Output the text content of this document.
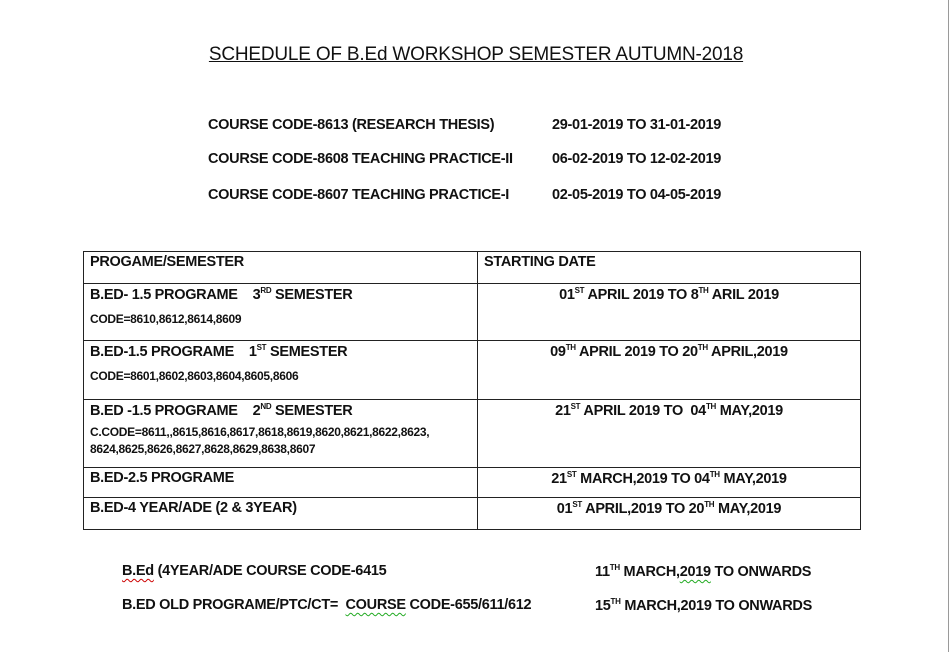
SCHEDULE OF B.Ed WORKSHOP SEMESTER AUTUMN-2018
COURSE CODE-8613 (RESEARCH THESIS)	29-01-2019 TO 31-01-2019
COURSE CODE-8608 TEACHING PRACTICE-II	06-02-2019 TO 12-02-2019
COURSE CODE-8607 TEACHING PRACTICE-I	02-05-2019 TO 04-05-2019
PROGAME/SEMESTER	STARTING DATE
B.ED- 1.5 PROGRAME    3RD SEMESTER
CODE=8610,8612,8614,8609	01ST APRIL 2019 TO 8TH ARIL 2019
B.ED-1.5 PROGRAME    1ST SEMESTER
CODE=8601,8602,8603,8604,8605,8606	09TH APRIL 2019 TO 20TH APRIL,2019
B.ED -1.5 PROGRAME    2ND SEMESTER
C.CODE=8611,,8615,8616,8617,8618,8619,8620,8621,8622,8623, 8624,8625,8626,8627,8628,8629,8638,8607	21ST APRIL 2019 TO  04TH MAY,2019
B.ED-2.5 PROGRAME	21ST MARCH,2019 TO 04TH MAY,2019
B.ED-4 YEAR/ADE (2 & 3YEAR)	01ST APRIL,2019 TO 20TH MAY,2019
B.Ed (4YEAR/ADE COURSE CODE-6415	11TH MARCH,2019 TO ONWARDS
B.ED OLD PROGRAME/PTC/CT=  COURSE CODE-655/611/612	15TH MARCH,2019 TO ONWARDS
